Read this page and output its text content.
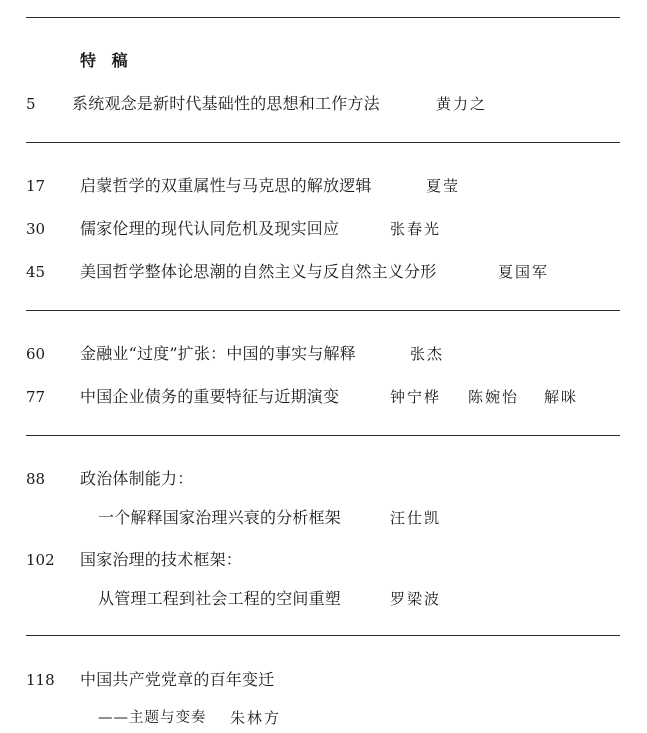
特 稿
5 系统观念是新时代基础性的思想和工作方法	黄力之
17 启蒙哲学的双重属性与马克思的解放逻辑	夏莹
30 儒家伦理的现代认同危机及现实回应	张春光
45 美国哲学整体论思潮的自然主义与反自然主义分形	夏国军
60 金融业“过度”扩张：中国的事实与解释	张杰
77 中国企业债务的重要特征与近期演变	钟宁桦 陈婉怡 解咪
88 政治体制能力：
一个解释国家治理兴衰的分析框架	汪仕凯
102 国家治理的技术框架：
从管理工程到社会工程的空间重塑	罗梁波
118 中国共产党党章的百年变迁
——主题与变奏 朱林方
